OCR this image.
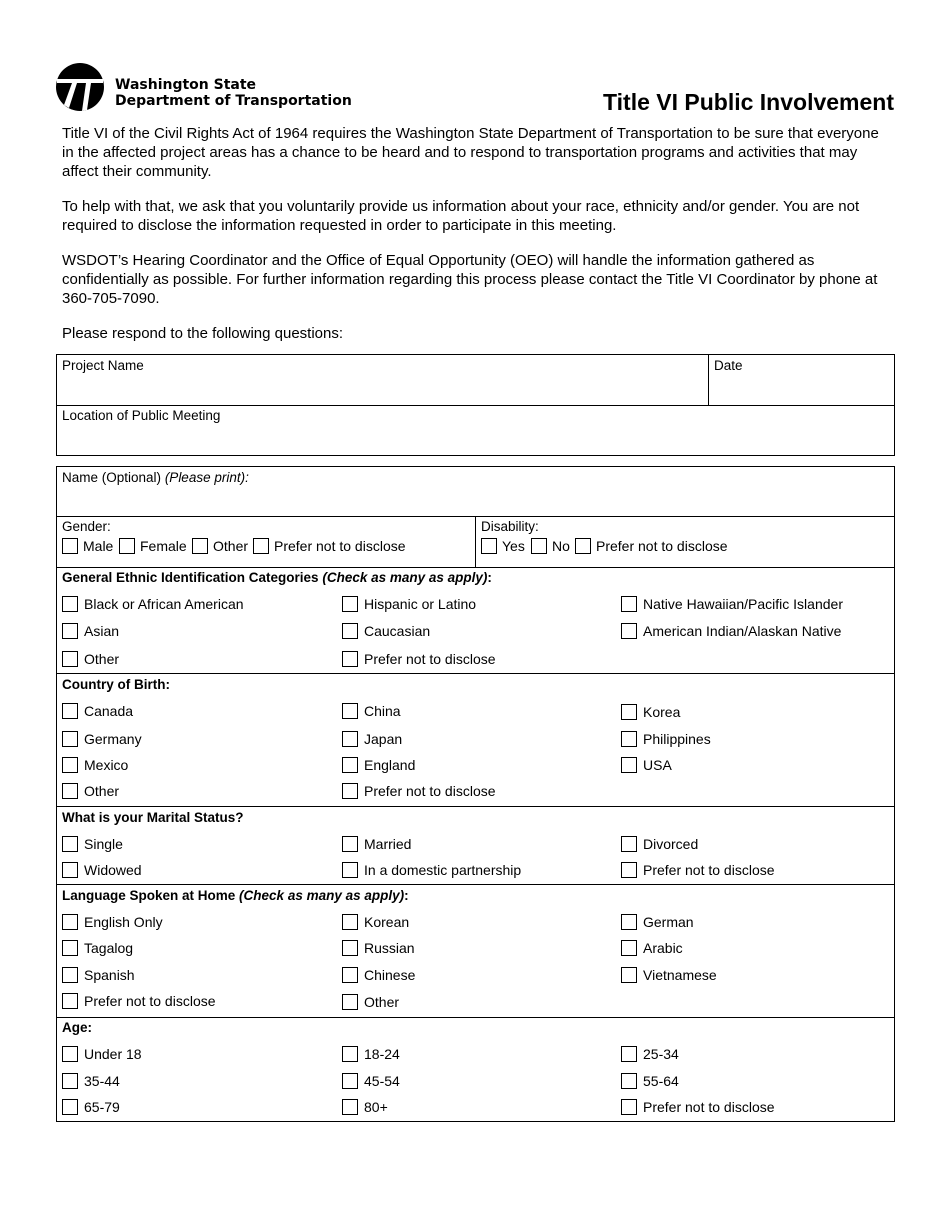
Washington State
Department of Transportation	Title VI Public Involvement
Title VI of the Civil Rights Act of 1964 requires the Washington State Department of Transportation to be sure that everyone in the affected project areas has a chance to be heard and to respond to transportation programs and activities that may affect their community.
To help with that, we ask that you voluntarily provide us information about your race, ethnicity and/or gender. You are not required to disclose the information requested in order to participate in this meeting.
WSDOT’s Hearing Coordinator and the Office of Equal Opportunity (OEO) will handle the information gathered as confidentially as possible. For further information regarding this process please contact the Title VI Coordinator by phone at 360-705-7090.
Please respond to the following questions:
Project Name	Date
Location of Public Meeting
Name (Optional) (Please print):
Gender:
Male Female Other Prefer not to disclose
Disability:
Yes No Prefer not to disclose
General Ethnic Identification Categories (Check as many as apply):
Black or African American	Hispanic or Latino	Native Hawaiian/Pacific Islander
Asian	Caucasian	American Indian/Alaskan Native
Other	Prefer not to disclose
Country of Birth:
Canada	China	Korea
Germany	Japan	Philippines
Mexico	England	USA
Other	Prefer not to disclose
What is your Marital Status?
Single	Married	Divorced
Widowed	In a domestic partnership	Prefer not to disclose
Language Spoken at Home (Check as many as apply):
English Only	Korean	German
Tagalog	Russian	Arabic
Spanish	Chinese	Vietnamese
Prefer not to disclose	Other
Age:
Under 18	18-24	25-34
35-44	45-54	55-64
65-79	80+	Prefer not to disclose
